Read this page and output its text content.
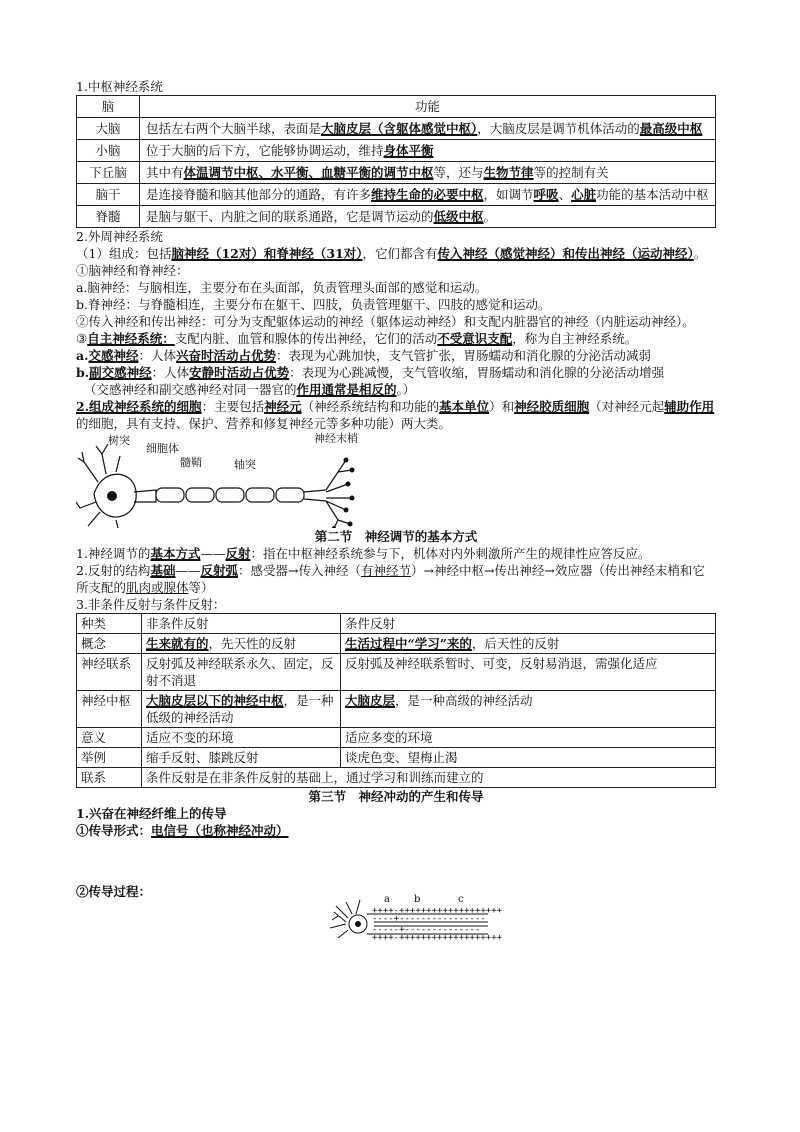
1.中枢神经系统
脑	功能
大脑	包括左右两个大脑半球，表面是大脑皮层（含躯体感觉中枢），大脑皮层是调节机体活动的最高级中枢
小脑	位于大脑的后下方，它能够协调运动，维持身体平衡
下丘脑	其中有体温调节中枢、水平衡、血糖平衡的调节中枢等，还与生物节律等的控制有关
脑干	是连接脊髓和脑其他部分的通路，有许多维持生命的必要中枢，如调节呼吸、心脏功能的基本活动中枢
脊髓	是脑与躯干、内脏之间的联系通路，它是调节运动的低级中枢。
2.外周神经系统
（1）组成：包括脑神经（12对）和脊神经（31对），它们都含有传入神经（感觉神经）和传出神经（运动神经）。
①脑神经和脊神经：
a.脑神经：与脑相连，主要分布在头面部，负责管理头面部的感觉和运动。
b.脊神经：与脊髓相连，主要分布在躯干、四肢，负责管理躯干、四肢的感觉和运动。
②传入神经和传出神经：可分为支配躯体运动的神经（躯体运动神经）和支配内脏器官的神经（内脏运动神经）。
③自主神经系统：支配内脏、血管和腺体的传出神经，它们的活动不受意识支配，称为自主神经系统。
a.交感神经：人体兴奋时活动占优势：表现为心跳加快，支气管扩张，胃肠蠕动和消化腺的分泌活动减弱
b.副交感神经：人体安静时活动占优势：表现为心跳减慢，支气管收缩，胃肠蠕动和消化腺的分泌活动增强
（交感神经和副交感神经对同一器官的作用通常是相反的。）
2.组成神经系统的细胞：主要包括神经元（神经系统结构和功能的基本单位）和神经胶质细胞（对神经元起辅助作用的细胞，具有支持、保护、营养和修复神经元等多种功能）两大类。
树突
细胞体
髓鞘	轴突
神经末梢
第二节　神经调节的基本方式
1.神经调节的基本方式——反射：指在中枢神经系统参与下，机体对内外刺激所产生的规律性应答反应。
2.反射的结构基础——反射弧：感受器→传入神经（有神经节）→神经中枢→传出神经→效应器（传出神经末梢和它所支配的肌肉或腺体等）
3.非条件反射与条件反射：
种类	非条件反射	条件反射
概念	生来就有的，先天性的反射	生活过程中“学习”来的，后天性的反射
神经联系	反射弧及神经联系永久、固定，反射不消退	反射弧及神经联系暂时、可变，反射易消退，需强化适应
神经中枢	大脑皮层以下的神经中枢，是一种低级的神经活动	大脑皮层，是一种高级的神经活动
意义	适应不变的环境	适应多变的环境
举例	缩手反射、膝跳反射	谈虎色变、望梅止渴
联系	条件反射是在非条件反射的基础上，通过学习和训练而建立的	
第三节　神经冲动的产生和传导
1.兴奋在神经纤维上的传导
①传导形式：电信号（也称神经冲动）
②传导过程：
++++-+++++++++++++++++++
----+----------------
-----+--------------
++++-+++++++++++++++++++
a b	c
